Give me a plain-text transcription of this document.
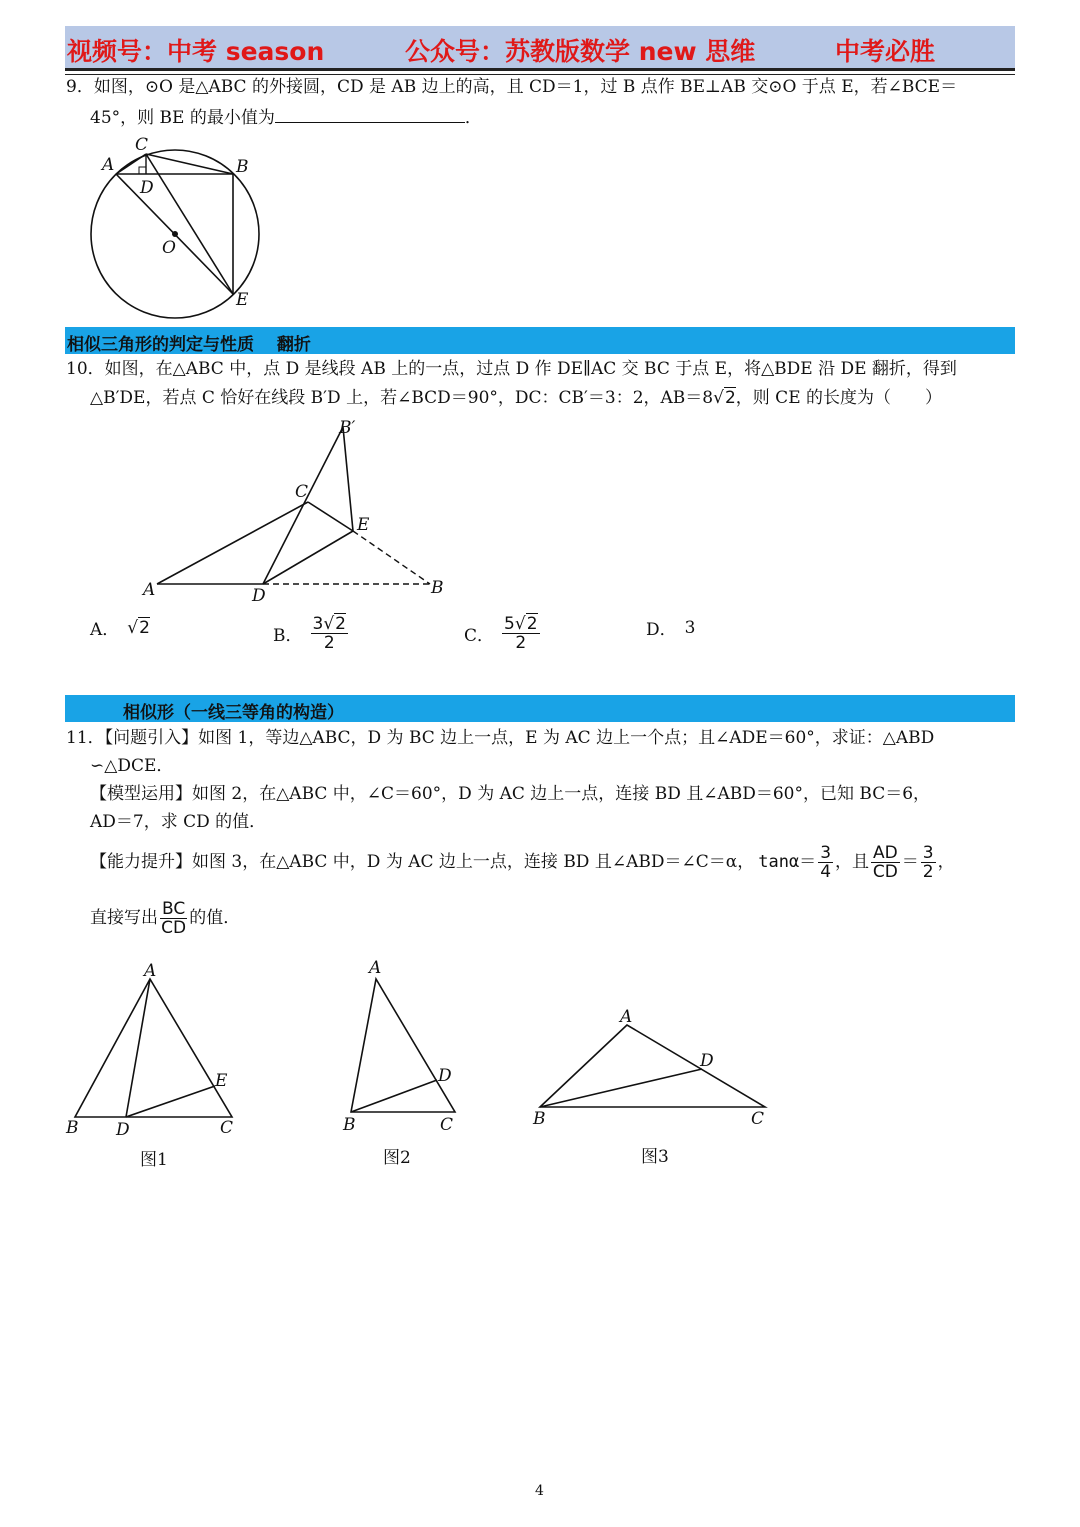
视频号：中考 season	公众号：苏教版数学 new 思维	中考必胜
9．如图，⊙O 是△ABC 的外接圆，CD 是 AB 边上的高，且 CD＝1，过 B 点作 BE⊥AB 交⊙O 于点 E，若∠BCE＝
45°，则 BE 的最小值为	．
A
C
B
D
O
E
相似三角形的判定与性质　 翻折
10．如图，在△ABC 中，点 D 是线段 AB 上的一点，过点 D 作 DE∥AC 交 BC 于点 E，将△BDE 沿 DE 翻折，得到
△B′DE，若点 C 恰好在线段 B′D 上，若∠BCD＝90°，DC：CB′＝3：2，AB＝8√2，则 CE 的长度为（　　）
B′
C
E
A	D	B
A． √2	B． $\frac{3√2}{2}$	C． $\frac{5√2}{2}$	D． 3
相似形（一线三等角的构造）
11．【问题引入】如图 1，等边△ABC，D 为 BC 边上一点，E 为 AC 边上一个点；且∠ADE＝60°，求证：△ABD
∽△DCE．
【模型运用】如图 2，在△ABC 中，∠C＝60°，D 为 AC 边上一点，连接 BD 且∠ABD＝60°，已知 BC＝6，
AD＝7，求 CD 的值．
【能力提升】如图 3，在△ABC 中，D 为 AC 边上一点，连接 BD 且∠ABD＝∠C＝α， $\tan\alpha= \frac{3}{4}$ ，且 $\frac{AD}{CD} = \frac{3}{2}$ ，
直接写出 $\frac{BC}{CD}$ 的值．
A
B D	C
E
图1
A
B	C
D
图2
A
B	C
D
图3
4
